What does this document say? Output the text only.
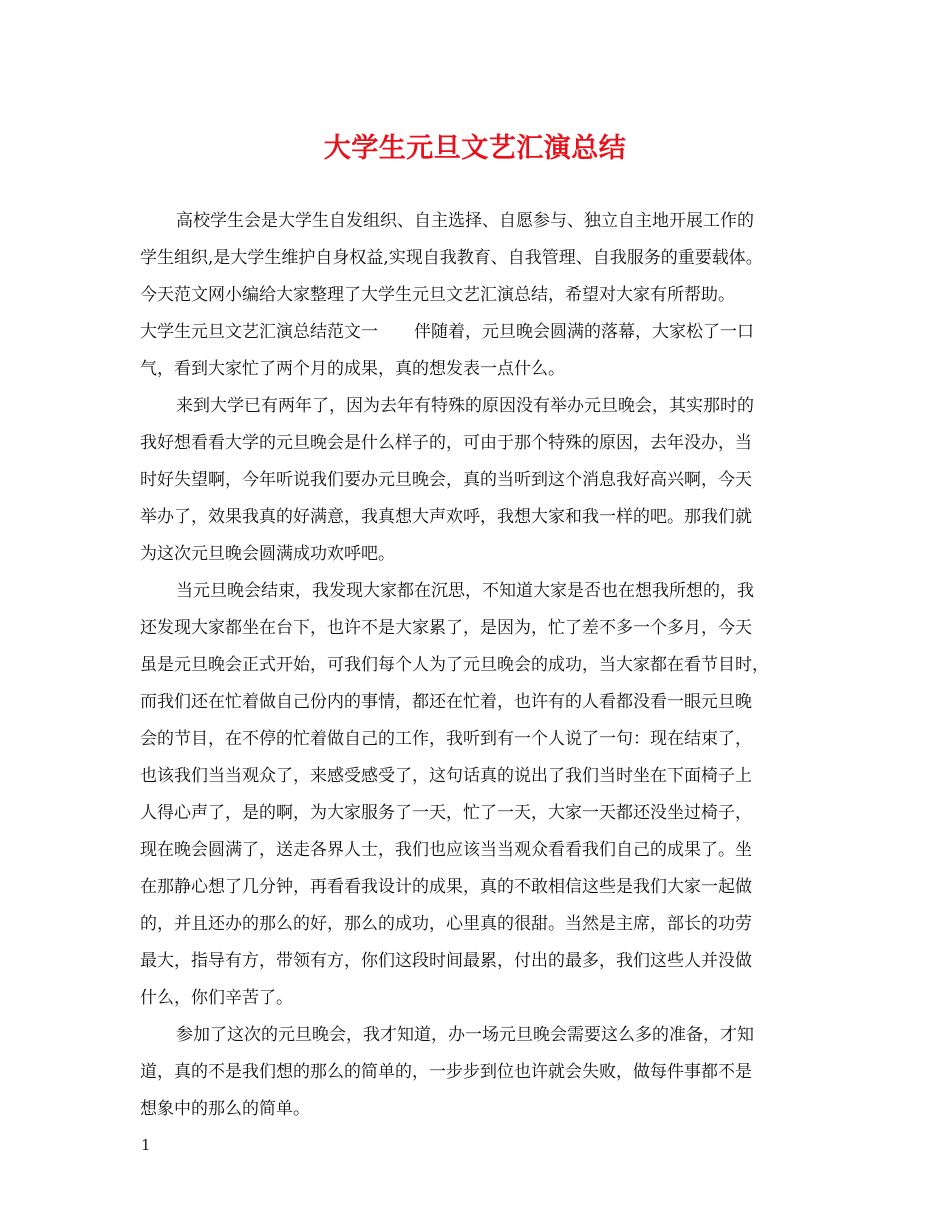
大学生元旦文艺汇演总结
高校学生会是大学生自发组织、自主选择、自愿参与、独立自主地开展工作的
学生组织,是大学生维护自身权益,实现自我教育、自我管理、自我服务的重要载体。
今天范文网小编给大家整理了大学生元旦文艺汇演总结，希望对大家有所帮助。
大学生元旦文艺汇演总结范文一 伴随着，元旦晚会圆满的落幕，大家松了一口
气，看到大家忙了两个月的成果，真的想发表一点什么。
来到大学已有两年了，因为去年有特殊的原因没有举办元旦晚会，其实那时的
我好想看看大学的元旦晚会是什么样子的，可由于那个特殊的原因，去年没办，当
时好失望啊，今年听说我们要办元旦晚会，真的当听到这个消息我好高兴啊，今天
举办了，效果我真的好满意，我真想大声欢呼，我想大家和我一样的吧。那我们就
为这次元旦晚会圆满成功欢呼吧。
当元旦晚会结束，我发现大家都在沉思，不知道大家是否也在想我所想的，我
还发现大家都坐在台下，也许不是大家累了，是因为，忙了差不多一个多月，今天
虽是元旦晚会正式开始，可我们每个人为了元旦晚会的成功，当大家都在看节目时，
而我们还在忙着做自己份内的事情，都还在忙着，也许有的人看都没看一眼元旦晚
会的节目，在不停的忙着做自己的工作，我听到有一个人说了一句：现在结束了，
也该我们当当观众了，来感受感受了，这句话真的说出了我们当时坐在下面椅子上
人得心声了，是的啊，为大家服务了一天，忙了一天，大家一天都还没坐过椅子，
现在晚会圆满了，送走各界人士，我们也应该当当观众看看我们自己的成果了。坐
在那静心想了几分钟，再看看我设计的成果，真的不敢相信这些是我们大家一起做
的，并且还办的那么的好，那么的成功，心里真的很甜。当然是主席，部长的功劳
最大，指导有方，带领有方，你们这段时间最累，付出的最多，我们这些人并没做
什么，你们辛苦了。
参加了这次的元旦晚会，我才知道，办一场元旦晚会需要这么多的准备，才知
道，真的不是我们想的那么的简单的，一步步到位也许就会失败，做每件事都不是
想象中的那么的简单。
1
